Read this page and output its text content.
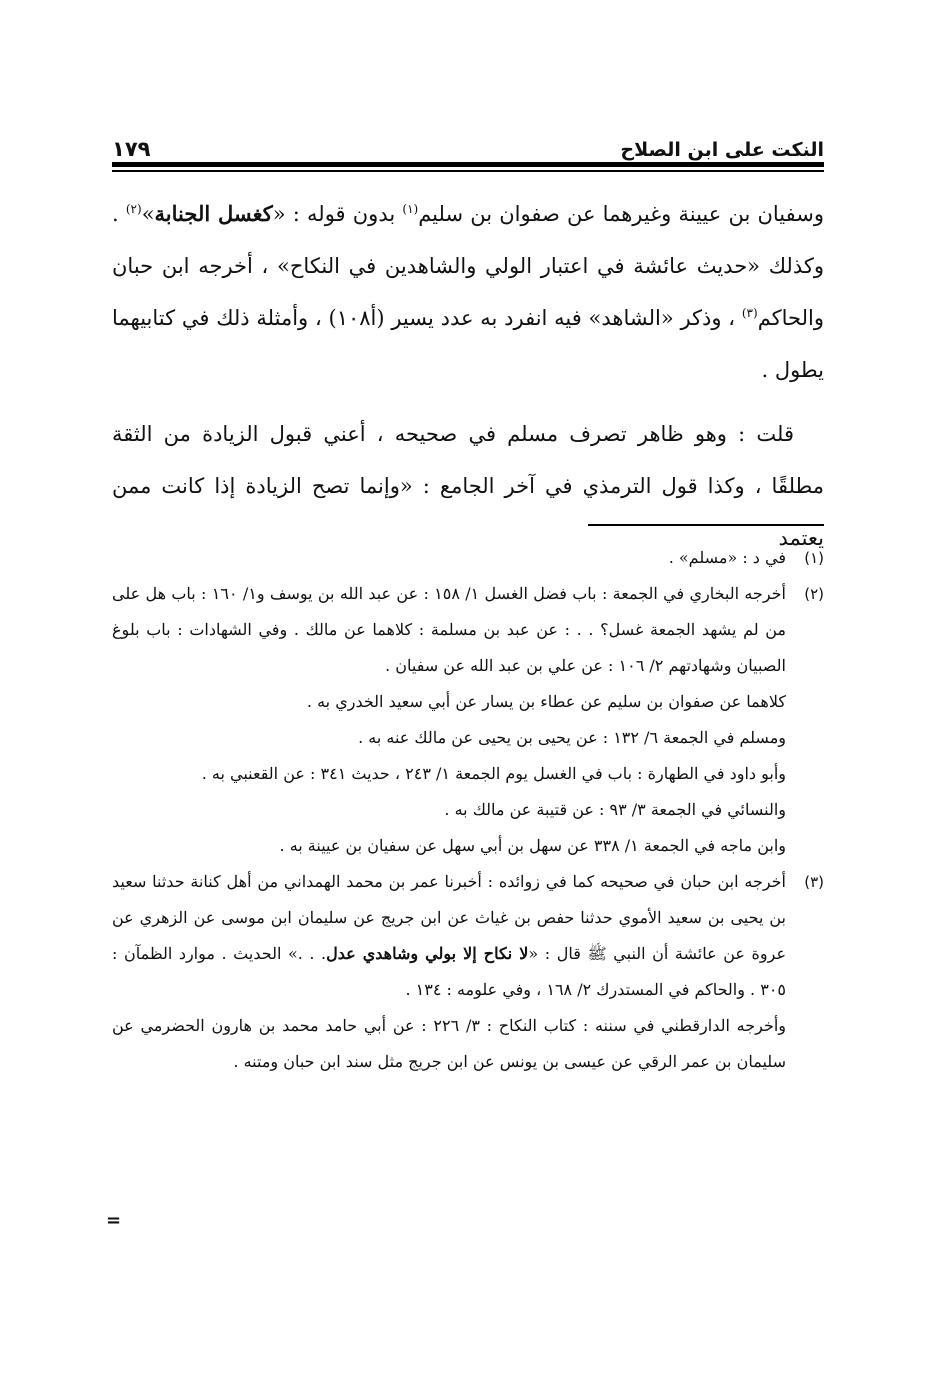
١٧٩	النكت على ابن الصلاح

وسفيان بن عيينة وغيرهما عن صفوان بن سليم$^{(١)}$ بدون قوله : «كغسل الجنابة»$^{(٢)}$ . وكذلك «حديث عائشة في اعتبار الولي والشاهدين في النكاح» ، أخرجه ابن حبان والحاكم$^{(٣)}$ ، وذكر «الشاهد» فيه انفرد به عدد يسير (أ١٠٨) ، وأمثلة ذلك في كتابيهما يطول .

قلت : وهو ظاهر تصرف مسلم في صحيحه ، أعني قبول الزيادة من الثقة مطلقًا ، وكذا قول الترمذي في آخر الجامع : «وإنما تصح الزيادة إذا كانت ممن يعتمد

(١)

في د : «مسلم» .

(٢)

أخرجه البخاري في الجمعة : باب فضل الغسل ١/ ١٥٨ : عن عبد الله بن يوسف و١/ ١٦٠ : باب هل على من لم يشهد الجمعة غسل؟ . . : عن عبد بن مسلمة : كلاهما عن مالك . وفي الشهادات : باب بلوغ الصبيان وشهادتهم ٢/ ١٠٦ : عن علي بن عبد الله عن سفيان .

كلاهما عن صفوان بن سليم عن عطاء بن يسار عن أبي سعيد الخدري به .

ومسلم في الجمعة ٦/ ١٣٢ : عن يحيى بن يحيى عن مالك عنه به .

وأبو داود في الطهارة : باب في الغسل يوم الجمعة ١/ ٢٤٣ ، حديث ٣٤١ : عن القعنبي به .

والنسائي في الجمعة ٣/ ٩٣ : عن قتيبة عن مالك به .

وابن ماجه في الجمعة ١/ ٣٣٨ عن سهل بن أبي سهل عن سفيان بن عيينة به .

(٣)

أخرجه ابن حبان في صحيحه كما في زوائده : أخبرنا عمر بن محمد الهمداني من أهل كنانة حدثنا سعيد بن يحيى بن سعيد الأموي حدثنا حفص بن غياث عن ابن جريج عن سليمان ابن موسى عن الزهري عن عروة عن عائشة أن النبي ﷺ قال : «لا نكاح إلا بولي وشاهدي عدل. . .» الحديث . موارد الظمآن : ٣٠٥ . والحاكم في المستدرك ٢/ ١٦٨ ، وفي علومه : ١٣٤ .

وأخرجه الدارقطني في سننه : كتاب النكاح : ٣/ ٢٢٦ : عن أبي حامد محمد بن هارون الحضرمي عن سليمان بن عمر الرقي عن عيسى بن يونس عن ابن جريج مثل سند ابن حبان ومتنه .

=
